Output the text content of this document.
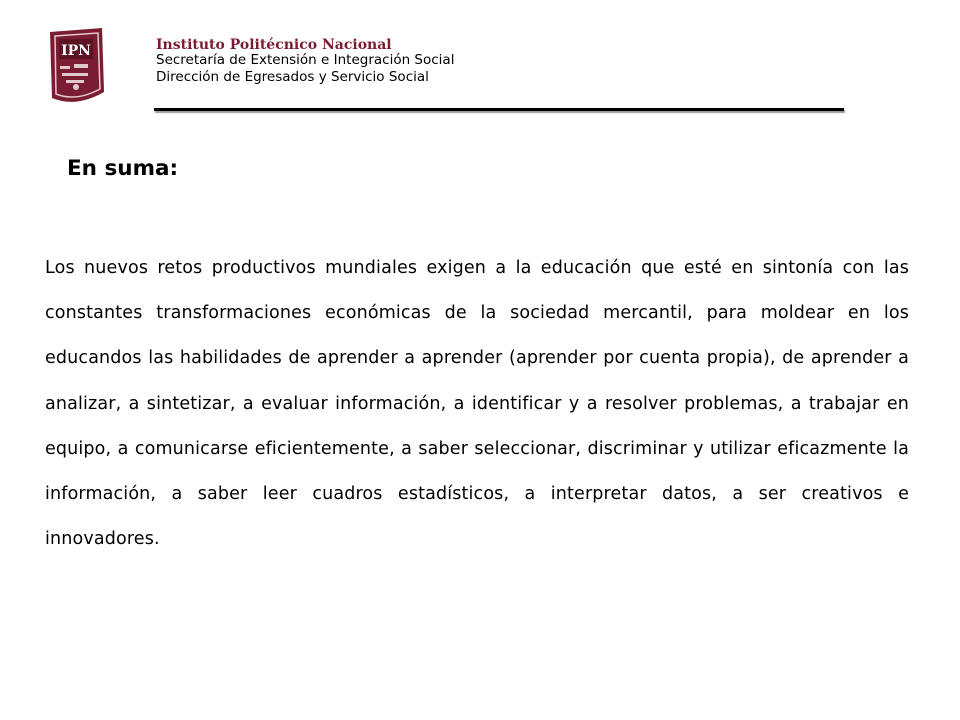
IPN	Instituto Politécnico Nacional
Secretaría de Extensión e Integración Social
Dirección de Egresados y Servicio Social
En suma:

Los nuevos retos productivos mundiales exigen a la educación que esté en sintonía con las constantes transformaciones económicas de la sociedad mercantil, para moldear en los educandos las habilidades de aprender a aprender (aprender por cuenta propia), de aprender a analizar, a sintetizar, a evaluar información, a identificar y a resolver problemas, a trabajar en equipo, a comunicarse eficientemente, a saber seleccionar, discriminar y utilizar eficazmente la información, a saber leer cuadros estadísticos, a interpretar datos, a ser creativos e innovadores.
